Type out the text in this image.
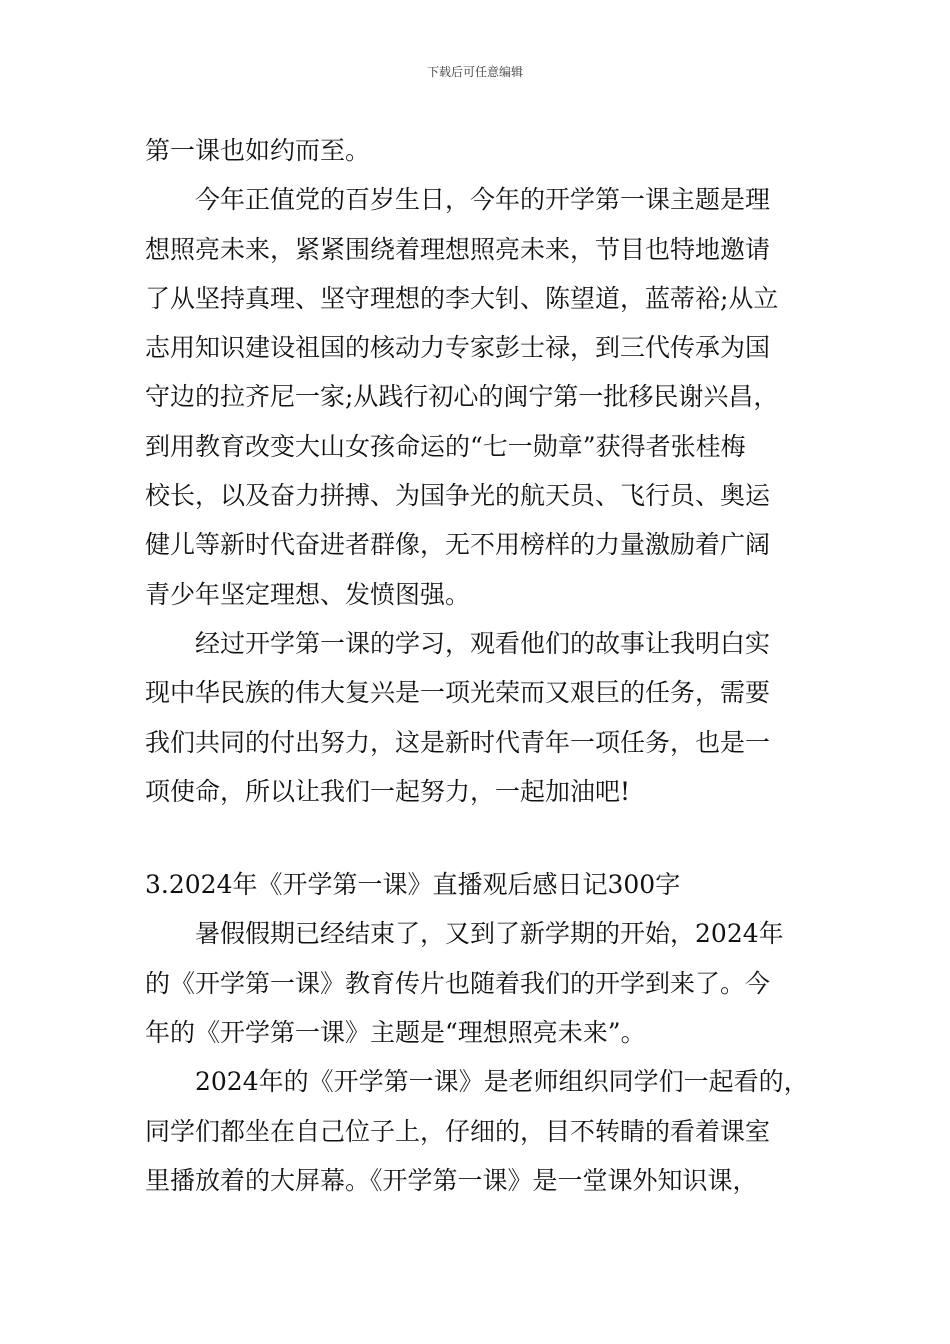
下载后可任意编辑
第一课也如约而至。
今年正值党的百岁生日，今年的开学第一课主题是理
想照亮未来，紧紧围绕着理想照亮未来，节目也特地邀请
了从坚持真理、坚守理想的李大钊、陈望道，蓝蒂裕;从立
志用知识建设祖国的核动力专家彭士禄，到三代传承为国
守边的拉齐尼一家;从践行初心的闽宁第一批移民谢兴昌，
到用教育改变大山女孩命运的“七一勋章”获得者张桂梅
校长，以及奋力拼搏、为国争光的航天员、飞行员、奥运
健儿等新时代奋进者群像，无不用榜样的力量激励着广阔
青少年坚定理想、发愤图强。
经过开学第一课的学习，观看他们的故事让我明白实
现中华民族的伟大复兴是一项光荣而又艰巨的任务，需要
我们共同的付出努力，这是新时代青年一项任务，也是一
项使命，所以让我们一起努力，一起加油吧!
3.2024年《开学第一课》直播观后感日记300字
暑假假期已经结束了，又到了新学期的开始，2024年
的《开学第一课》教育传片也随着我们的开学到来了。今
年的《开学第一课》主题是“理想照亮未来”。
2024年的《开学第一课》是老师组织同学们一起看的，
同学们都坐在自己位子上，仔细的，目不转睛的看着课室
里播放着的大屏幕。《开学第一课》是一堂课外知识课，
